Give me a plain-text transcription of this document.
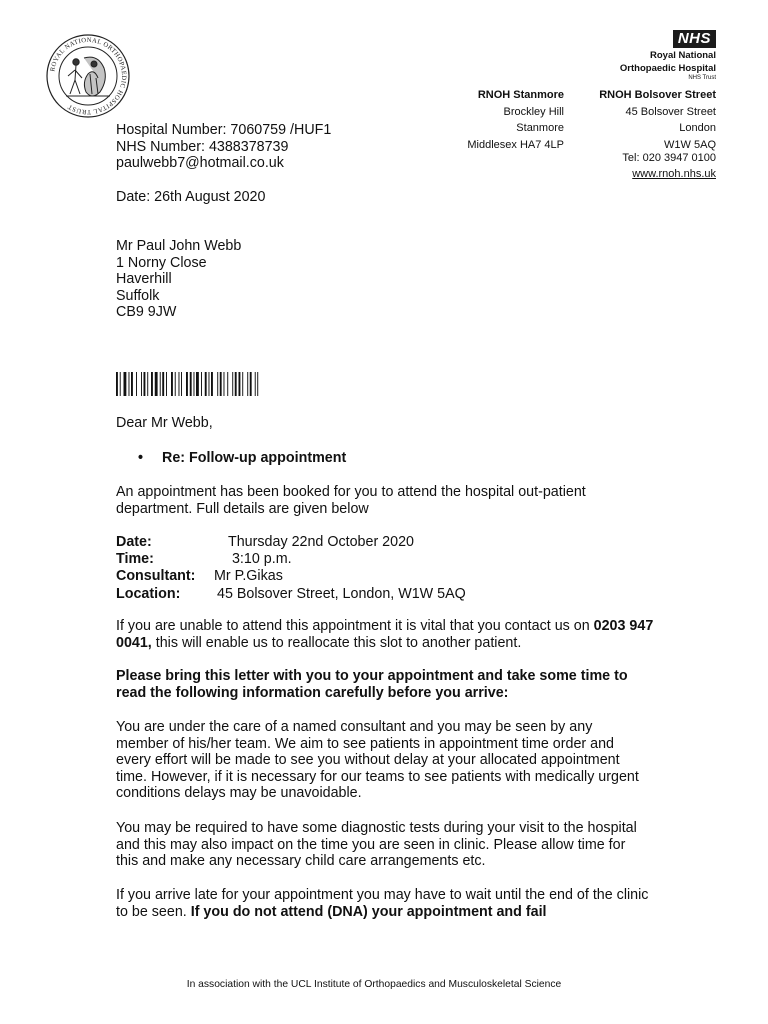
ROYAL NATIONAL ORTHOPAEDIC HOSPITAL TRUST
NHS
Royal National
Orthopaedic Hospital
NHS Trust
RNOH Stanmore
Brockley Hill
Stanmore
Middlesex HA7 4LP
RNOH Bolsover Street
45 Bolsover Street
London
W1W 5AQ
Tel: 020 3947 0100
www.rnoh.nhs.uk
Hospital Number: 7060759 /HUF1
NHS Number: 4388378739
paulwebb7@hotmail.co.uk
Date: 26th August 2020
Mr Paul John Webb
1 Norny Close
Haverhill
Suffolk
CB9 9JW
Dear Mr Webb,
• Re: Follow-up appointment
An appointment has been booked for you to attend the hospital out-patient department. Full details are given below
Date:	Thursday 22nd October 2020
Time:	3:10 p.m.
Consultant:	Mr P.Gikas
Location:	45 Bolsover Street, London, W1W 5AQ
If you are unable to attend this appointment it is vital that you contact us on 0203 947 0041, this will enable us to reallocate this slot to another patient.
Please bring this letter with you to your appointment and take some time to read the following information carefully before you arrive:
You are under the care of a named consultant and you may be seen by any member of his/her team. We aim to see patients in appointment time order and every effort will be made to see you without delay at your allocated appointment time. However, if it is necessary for our teams to see patients with medically urgent conditions delays may be unavoidable.
You may be required to have some diagnostic tests during your visit to the hospital and this may also impact on the time you are seen in clinic. Please allow time for this and make any necessary child care arrangements etc.
If you arrive late for your appointment you may have to wait until the end of the clinic to be seen. If you do not attend (DNA) your appointment and fail
In association with the UCL Institute of Orthopaedics and Musculoskeletal Science
